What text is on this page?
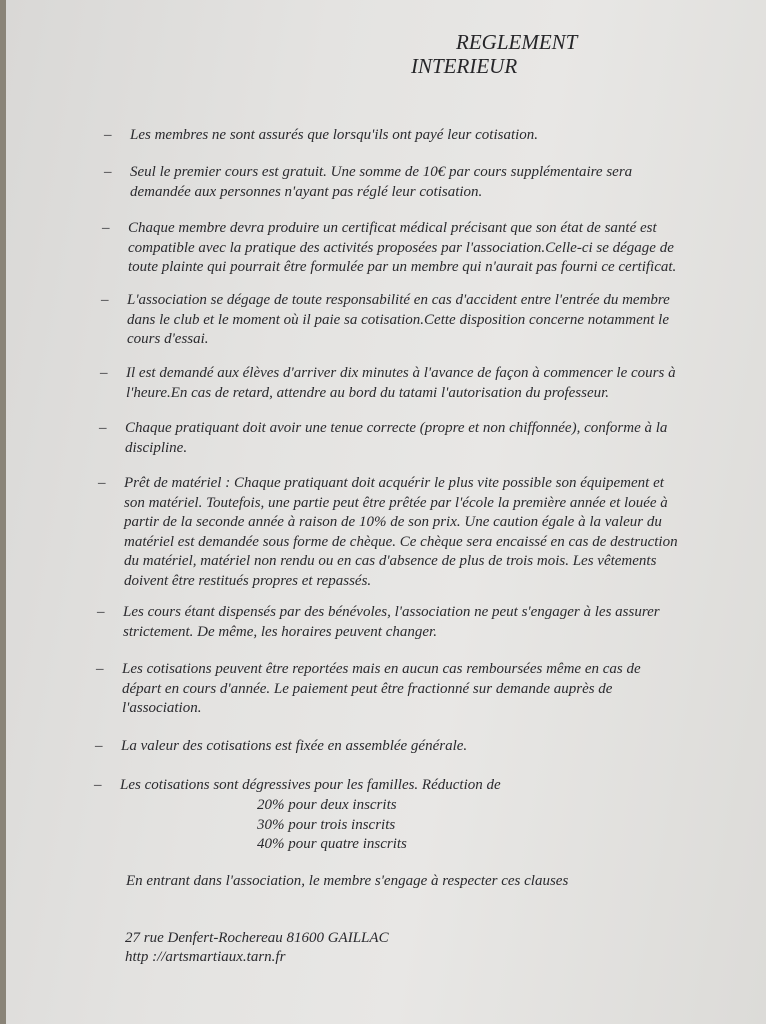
REGLEMENT
INTERIEUR
– Les membres ne sont assurés que lorsqu'ils ont payé leur cotisation.

– Seul le premier cours est gratuit. Une somme de 10€ par cours supplémentaire sera

demandée aux personnes n'ayant pas réglé leur cotisation.

– Chaque membre devra produire un certificat médical précisant que son état de santé est

compatible avec la pratique des activités proposées par l'association.Celle-ci se dégage de

toute plainte qui pourrait être formulée par un membre qui n'aurait pas fourni ce certificat.

– L'association se dégage de toute responsabilité en cas d'accident entre l'entrée du membre

dans le club et le moment où il paie sa cotisation.Cette disposition concerne notamment le

cours d'essai.

– Il est demandé aux élèves d'arriver dix minutes à l'avance de façon à commencer le cours à

l'heure.En cas de retard, attendre au bord du tatami l'autorisation du professeur.

– Chaque pratiquant doit avoir une tenue correcte (propre et non chiffonnée), conforme à la

discipline.

– Prêt de matériel : Chaque pratiquant doit acquérir le plus vite possible son équipement et

son matériel. Toutefois, une partie peut être prêtée par l'école la première année et louée à

partir de la seconde année à raison de 10% de son prix. Une caution égale à la valeur du

matériel est demandée sous forme de chèque. Ce chèque sera encaissé en cas de destruction

du matériel, matériel non rendu ou en cas d'absence de plus de trois mois. Les vêtements

doivent être restitués propres et repassés.

– Les cours étant dispensés par des bénévoles, l'association ne peut s'engager à les assurer

strictement. De même, les horaires peuvent changer.

– Les cotisations peuvent être reportées mais en aucun cas remboursées même en cas de

départ en cours d'année. Le paiement peut être fractionné sur demande auprès de

l'association.

– La valeur des cotisations est fixée en assemblée générale.

– Les cotisations sont dégressives pour les familles. Réduction de

20% pour deux inscrits
30% pour trois inscrits
40% pour quatre inscrits
En entrant dans l'association, le membre s'engage à respecter ces clauses
27 rue Denfert-Rochereau 81600 GAILLAC
http ://artsmartiaux.tarn.fr
